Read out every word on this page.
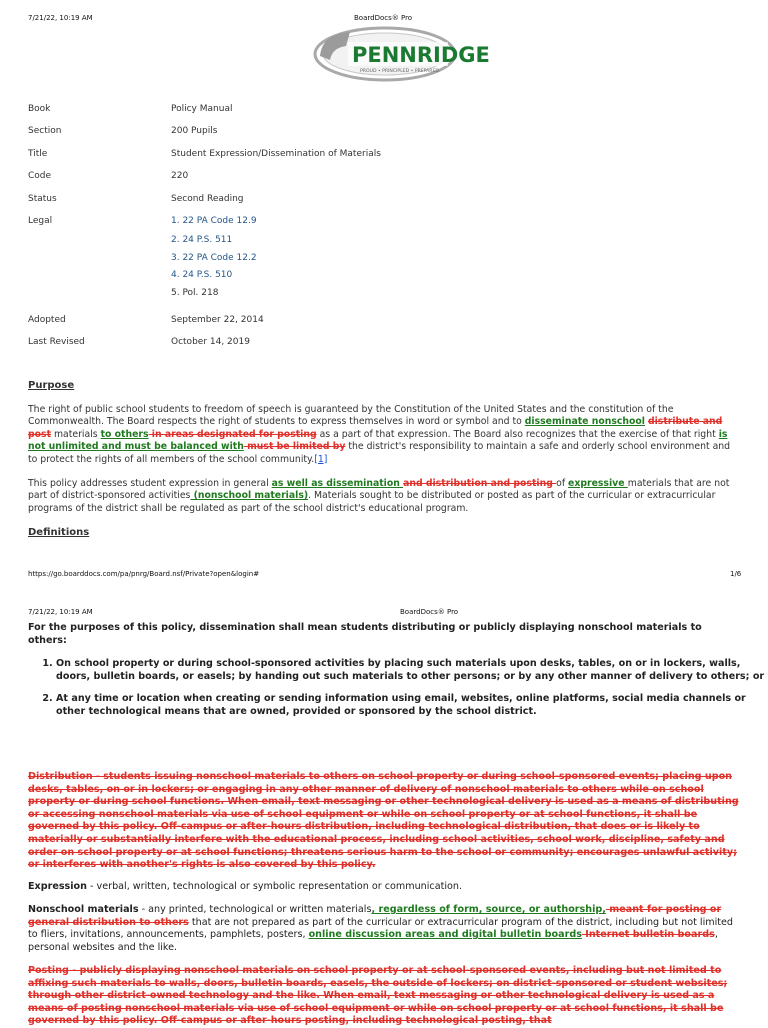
7/21/22, 10:19 AM	BoardDocs® Pro
PENNRIDGE
PROUD • PRINCIPLED • PREPARED
Book	Policy Manual
Section	200 Pupils
Title	Student Expression/Dissemination of Materials
Code	220
Status	Second Reading
Legal	1. 22 PA Code 12.9
2. 24 P.S. 511
3. 22 PA Code 12.2
4. 24 P.S. 510
5. Pol. 218
Adopted	September 22, 2014
Last Revised	October 14, 2019
Purpose
The right of public school students to freedom of speech is guaranteed by the Constitution of the United States and the constitution of the Commonwealth. The Board respects the right of students to express themselves in word or symbol and to disseminate nonschool distribute and post materials to others in areas designated for posting as a part of that expression. The Board also recognizes that the exercise of that right is not unlimited and must be balanced with must be limited by the district's responsibility to maintain a safe and orderly school environment and to protect the rights of all members of the school community.[1]
This policy addresses student expression in general as well as dissemination and distribution and posting of expressive materials that are not part of district-sponsored activities (nonschool materials). Materials sought to be distributed or posted as part of the curricular or extracurricular programs of the district shall be regulated as part of the school district's educational program.
Definitions
https://go.boarddocs.com/pa/pnrg/Board.nsf/Private?open&login#	1/6
7/21/22, 10:19 AM	BoardDocs® Pro
For the purposes of this policy, dissemination shall mean students distributing or publicly displaying nonschool materials to others:
1. On school property or during school-sponsored activities by placing such materials upon desks, tables, on or in lockers, walls, doors, bulletin boards, or easels; by handing out such materials to other persons; or by any other manner of delivery to others; or
2. At any time or location when creating or sending information using email, websites, online platforms, social media channels or other technological means that are owned, provided or sponsored by the school district.
Distribution - students issuing nonschool materials to others on school property or during school-sponsored events; placing upon desks, tables, on or in lockers; or engaging in any other manner of delivery of nonschool materials to others while on school property or during school functions. When email, text messaging or other technological delivery is used as a means of distributing or accessing nonschool materials via use of school equipment or while on school property or at school functions, it shall be governed by this policy. Off-campus or after-hours distribution, including technological distribution, that does or is likely to materially or substantially interfere with the educational process, including school activities, school work, discipline, safety and order on school property or at school functions; threatens serious harm to the school or community; encourages unlawful activity; or interferes with another's rights is also covered by this policy.
Expression - verbal, written, technological or symbolic representation or communication.
Nonschool materials - any printed, technological or written materials, regardless of form, source, or authorship, meant for posting or general distribution to others that are not prepared as part of the curricular or extracurricular program of the district, including but not limited to fliers, invitations, announcements, pamphlets, posters, online discussion areas and digital bulletin boards Internet bulletin boards, personal websites and the like.
Posting - publicly displaying nonschool materials on school property or at school-sponsored events, including but not limited to affixing such materials to walls, doors, bulletin boards, easels, the outside of lockers; on district-sponsored or student websites; through other district-owned technology and the like. When email, text messaging or other technological delivery is used as a means of posting nonschool materials via use of school equipment or while on school property or at school functions, it shall be governed by this policy. Off-campus or after-hours posting, including technological posting, that
